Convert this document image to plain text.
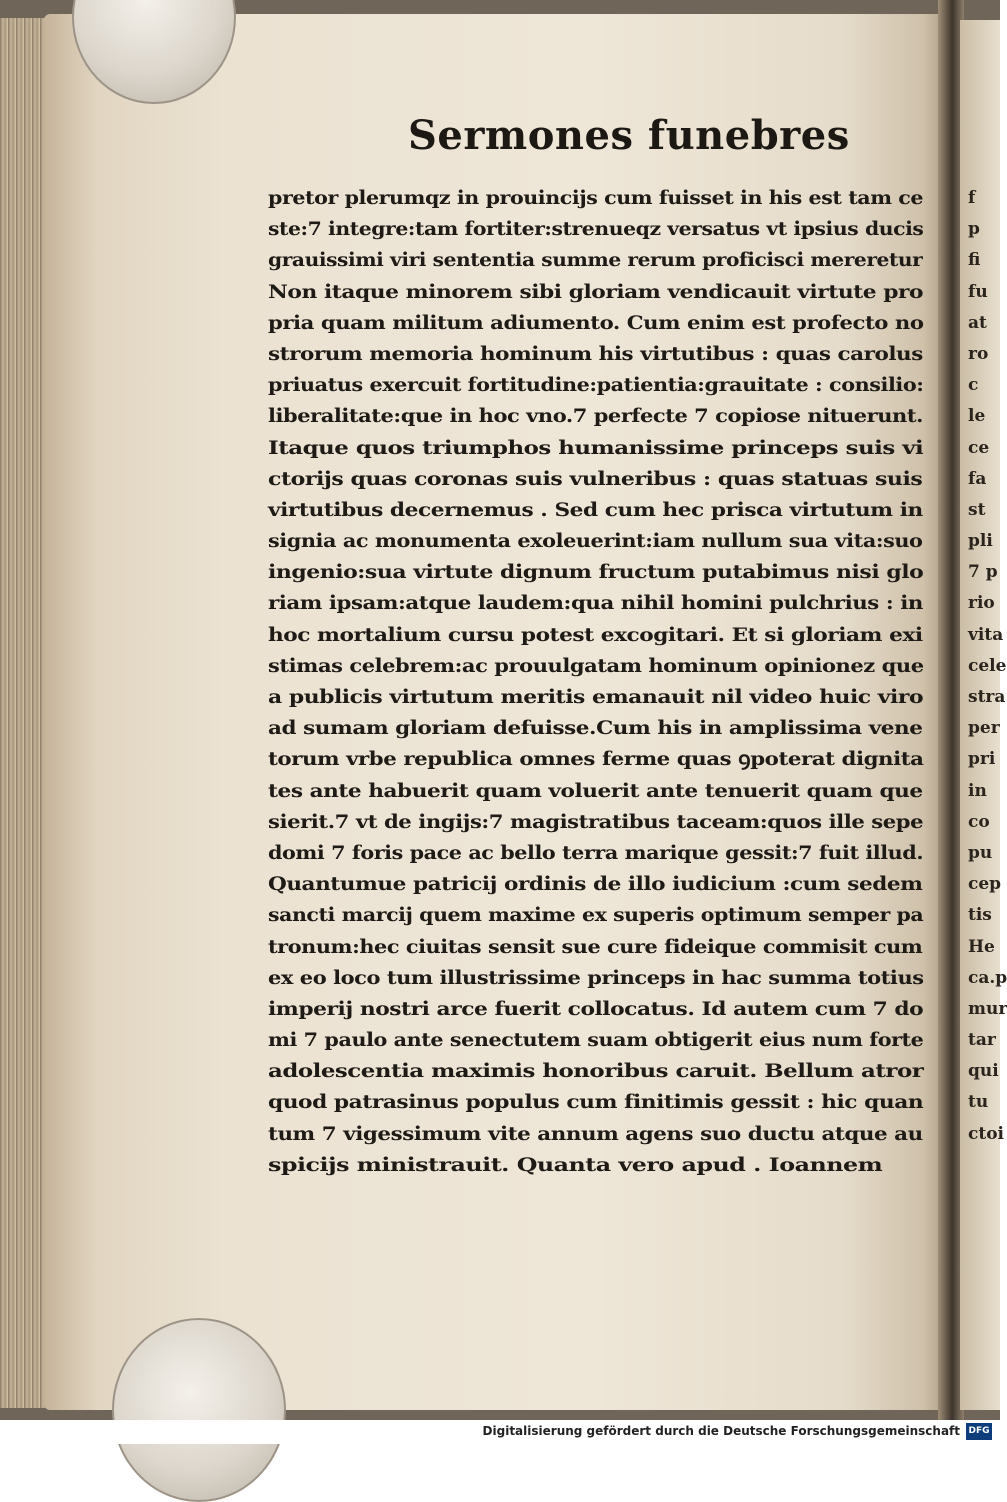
Sermones funebres
pretor plerumqz in prouincijs cum fuisset in his est tam ce
ste:7 integre:tam fortiter:strenueqz versatus vt ipsius ducis
grauissimi viri sententia summe rerum proficisci mereretur
Non itaque minorem sibi gloriam vendicauit virtute pro
pria quam militum adiumento. Cum enim est profecto no
strorum memoria hominum his virtutibus : quas carolus
priuatus exercuit fortitudine:patientia:grauitate : consilio:
liberalitate:que in hoc vno.7 perfecte 7 copiose nituerunt.
Itaque quos triumphos humanissime princeps suis vi
ctorijs quas coronas suis vulneribus : quas statuas suis
virtutibus decernemus . Sed cum hec prisca virtutum in
signia ac monumenta exoleuerint:iam nullum sua vita:suo
ingenio:sua virtute dignum fructum putabimus nisi glo
riam ipsam:atque laudem:qua nihil homini pulchrius : in
hoc mortalium cursu potest excogitari. Et si gloriam exi
stimas celebrem:ac prouulgatam hominum opinionez que
a publicis virtutum meritis emanauit nil video huic viro
ad sumam gloriam defuisse.Cum his in amplissima vene
torum vrbe republica omnes ferme quas ꝯpoterat dignita
tes ante habuerit quam voluerit ante tenuerit quam que
sierit.7 vt de ingijs:7 magistratibus taceam:quos ille sepe
domi 7 foris pace ac bello terra marique gessit:7 fuit illud.
Quantumue patricij ordinis de illo iudicium :cum sedem
sancti marcij quem maxime ex superis optimum semper pa
tronum:hec ciuitas sensit sue cure fideique commisit cum
ex eo loco tum illustrissime princeps in hac summa totius
imperij nostri arce fuerit collocatus. Id autem cum 7 do
mi 7 paulo ante senectutem suam obtigerit eius num forte
adolescentia maximis honoribus caruit. Bellum atror
quod patrasinus populus cum finitimis gessit : hic quan
tum 7 vigessimum vite annum agens suo ductu atque au
spicijs ministrauit. Quanta vero apud . Ioannem
f
p
fi
fu
at
ro
c
le
ce
fa
st
pli
7 p
rio
vita
cele
stra
per
pri
in
co
pu
cep
tis
He
ca.p
mur
tar
qui
tu
ctoi
Digitalisierung gefördert durch die Deutsche Forschungsgemeinschaft DFG
